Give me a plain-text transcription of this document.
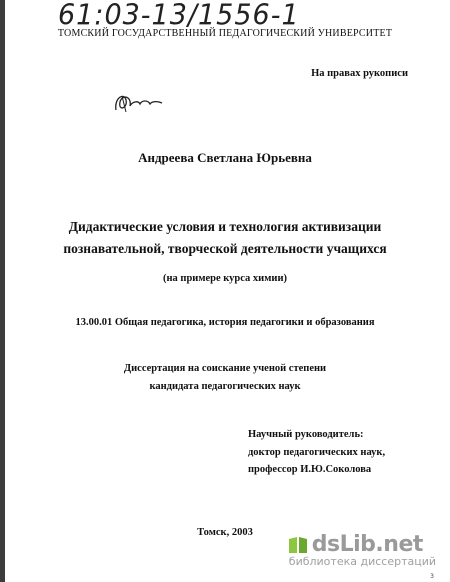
61:03-13/1556-1
ТОМСКИЙ ГОСУДАРСТВЕННЫЙ ПЕДАГОГИЧЕСКИЙ УНИВЕРСИТЕТ
На правах рукописи
Андреева Светлана Юрьевна
Дидактические условия и технология активизации
познавательной, творческой деятельности учащихся
(на примере курса химии)
13.00.01 Общая педагогика, история педагогики и образования
Диссертация на соискание ученой степени
кандидата педагогических наук
Научный руководитель:
доктор педагогических наук,
профессор И.Ю.Соколова
Томск, 2003	dsLib.net
библиотека диссертаций
3
